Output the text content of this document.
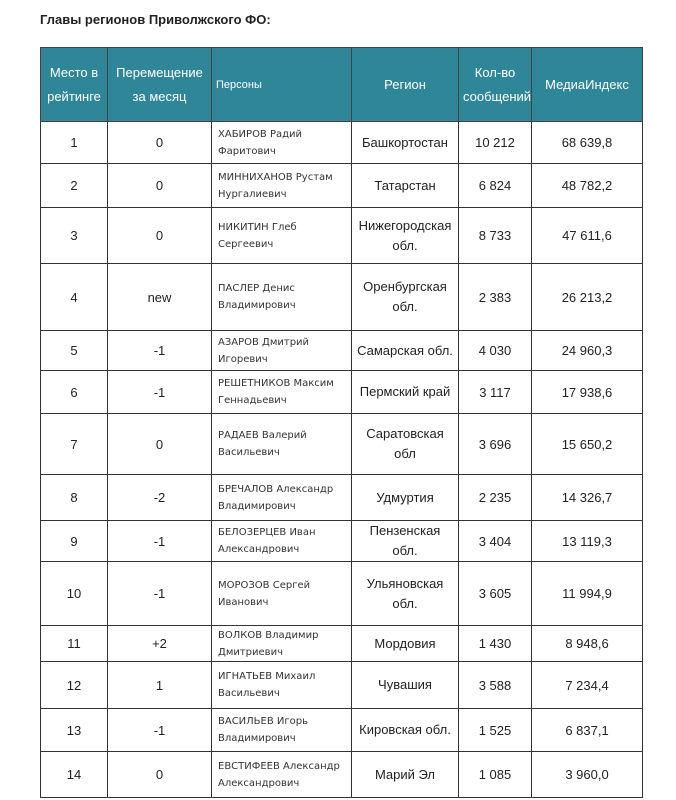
Главы регионов Приволжского ФО:
Место в рейтинге	Перемещение за месяц	Персоны	Регион	Кол-во сообщений	МедиаИндекс
1	0	ХАБИРОВ Радий Фаритович	Башкортостан	10 212	68 639,8
2	0	МИННИХАНОВ Рустам Нургалиевич	Татарстан	6 824	48 782,2
3	0	НИКИТИН Глеб Сергеевич	Нижегородская обл.	8 733	47 611,6
4	new	ПАСЛЕР Денис Владимирович	Оренбургская обл.	2 383	26 213,2
5	-1	АЗАРОВ Дмитрий Игоревич	Самарская обл.	4 030	24 960,3
6	-1	РЕШЕТНИКОВ Максим Геннадьевич	Пермский край	3 117	17 938,6
7	0	РАДАЕВ Валерий Васильевич	Саратовская обл	3 696	15 650,2
8	-2	БРЕЧАЛОВ Александр Владимирович	Удмуртия	2 235	14 326,7
9	-1	БЕЛОЗЕРЦЕВ Иван Александрович	Пензенская обл.	3 404	13 119,3
10	-1	МОРОЗОВ Сергей Иванович	Ульяновская обл.	3 605	11 994,9
11	+2	ВОЛКОВ Владимир Дмитриевич	Мордовия	1 430	8 948,6
12	1	ИГНАТЬЕВ Михаил Васильевич	Чувашия	3 588	7 234,4
13	-1	ВАСИЛЬЕВ Игорь Владимирович	Кировская обл.	1 525	6 837,1
14	0	ЕВСТИФЕЕВ Александр Александрович	Марий Эл	1 085	3 960,0
